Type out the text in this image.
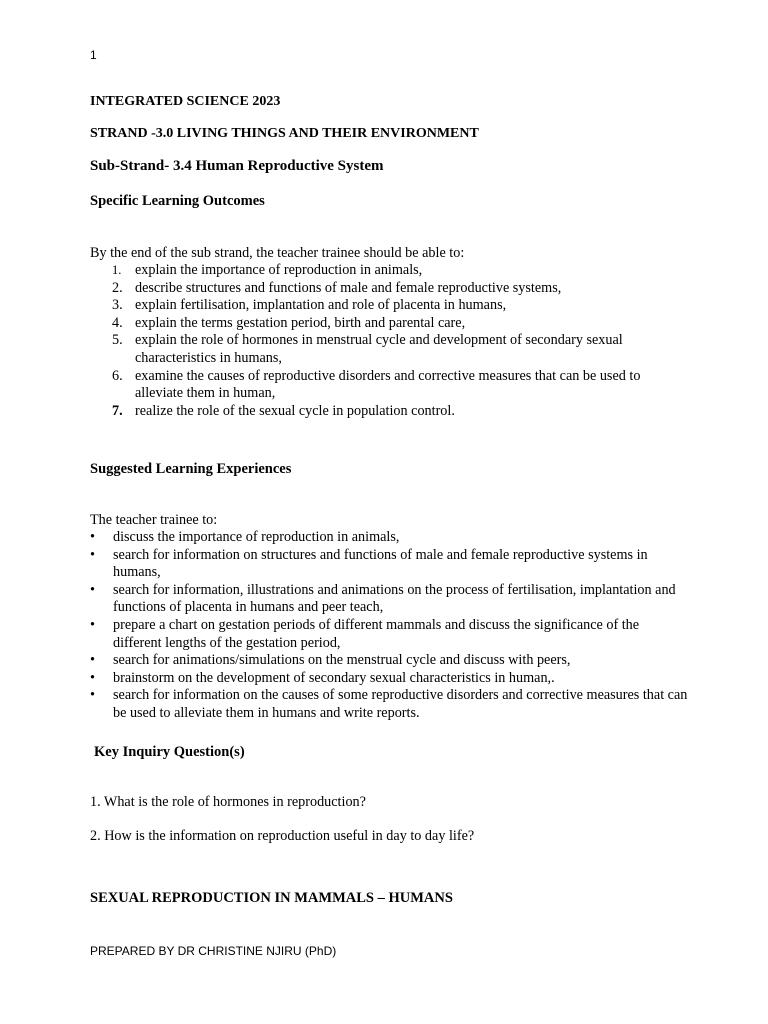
1
INTEGRATED SCIENCE 2023
STRAND -3.0 LIVING THINGS AND THEIR ENVIRONMENT
Sub-Strand- 3.4 Human Reproductive System
Specific Learning Outcomes
By the end of the sub strand, the teacher trainee should be able to:
1. explain the importance of reproduction in animals,
2. describe structures and functions of male and female reproductive systems,
3. explain fertilisation, implantation and role of placenta in humans,
4. explain the terms gestation period, birth and parental care,
5. explain the role of hormones in menstrual cycle and development of secondary sexual characteristics in humans,
6. examine the causes of reproductive disorders and corrective measures that can be used to alleviate them in human,
7. realize the role of the sexual cycle in population control.
Suggested Learning Experiences
The teacher trainee to:
• discuss the importance of reproduction in animals,
• search for information on structures and functions of male and female reproductive systems in humans,
• search for information, illustrations and animations on the process of fertilisation, implantation and functions of placenta in humans and peer teach,
• prepare a chart on gestation periods of different mammals and discuss the significance of the different lengths of the gestation period,
• search for animations/simulations on the menstrual cycle and discuss with peers,
• brainstorm on the development of secondary sexual characteristics in human,.
• search for information on the causes of some reproductive disorders and corrective measures that can be used to alleviate them in humans and write reports.
Key Inquiry Question(s)
1. What is the role of hormones in reproduction?
2. How is the information on reproduction useful in day to day life?
SEXUAL REPRODUCTION IN MAMMALS – HUMANS
PREPARED BY DR CHRISTINE NJIRU (PhD)
